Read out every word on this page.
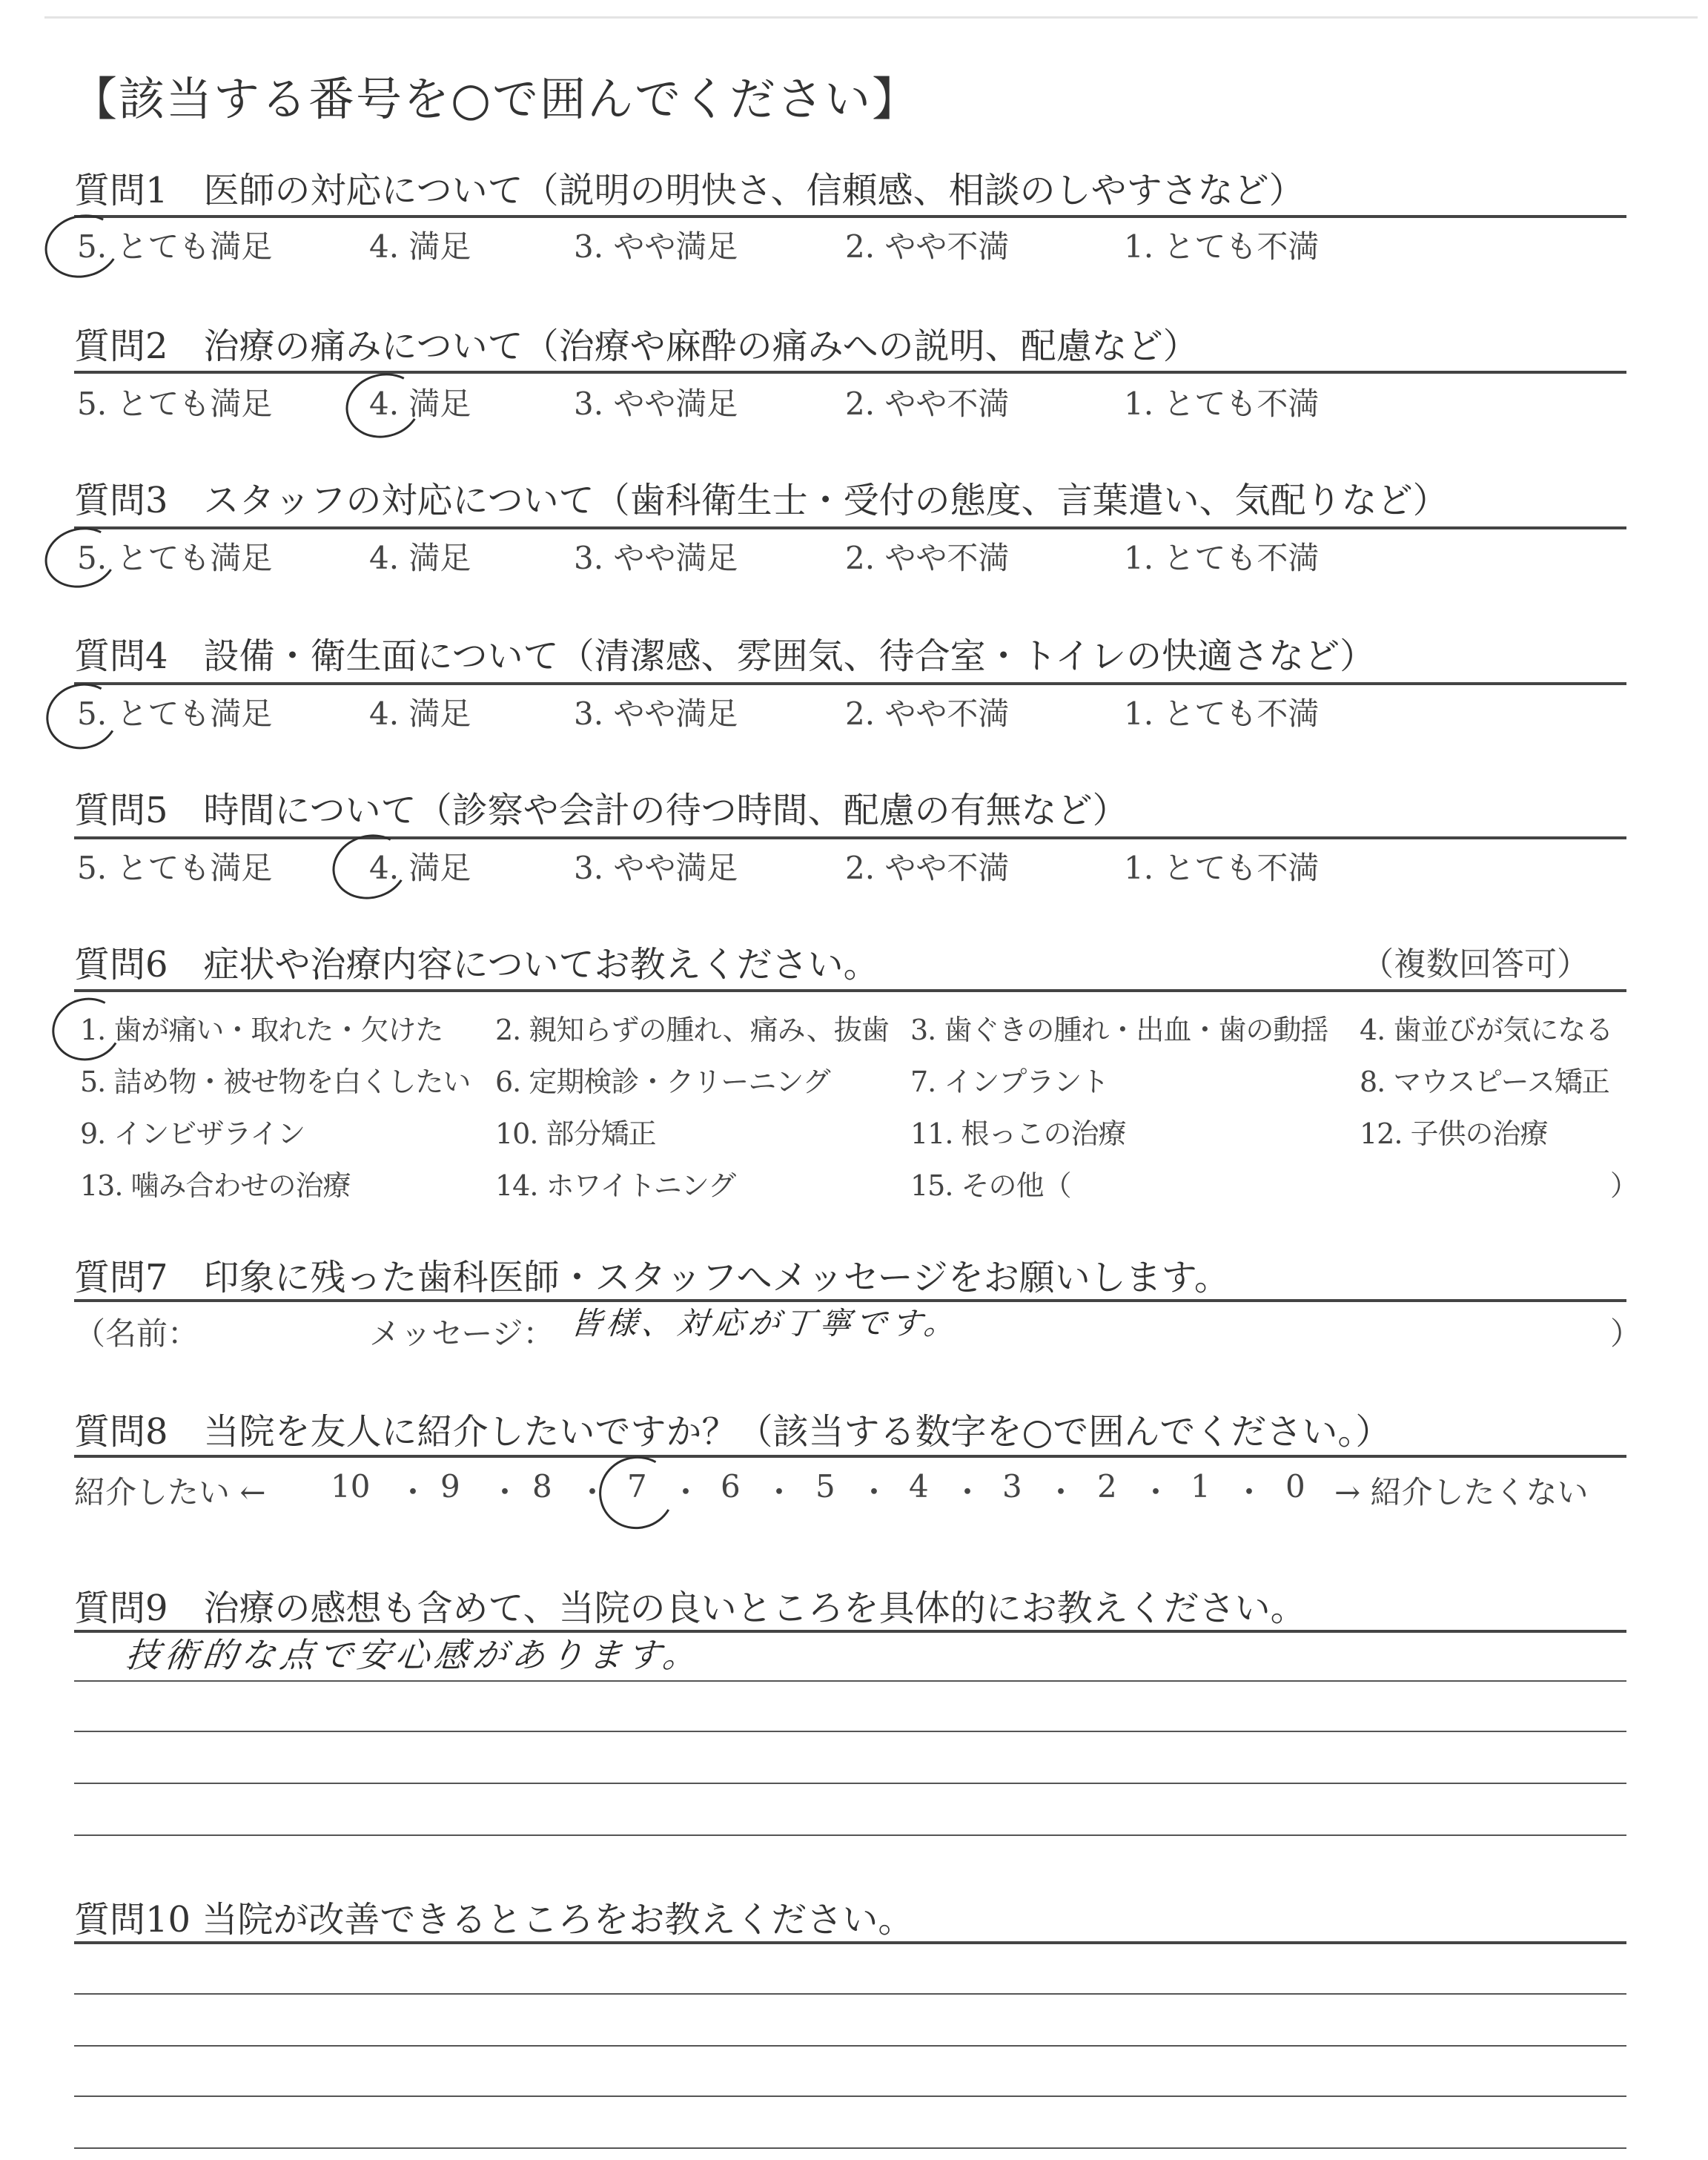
【該当する番号を○で囲んでください】
質問1　医師の対応について（説明の明快さ、信頼感、相談のしやすさなど）
5. とても満足	4. 満足	3. やや満足	2. やや不満	1. とても不満
質問2　治療の痛みについて（治療や麻酔の痛みへの説明、配慮など）
5. とても満足	4. 満足	3. やや満足	2. やや不満	1. とても不満
質問3　スタッフの対応について（歯科衛生士・受付の態度、言葉遣い、気配りなど）
5. とても満足	4. 満足	3. やや満足	2. やや不満	1. とても不満
質問4　設備・衛生面について（清潔感、雰囲気、待合室・トイレの快適さなど）
5. とても満足	4. 満足	3. やや満足	2. やや不満	1. とても不満
質問5　時間について（診察や会計の待つ時間、配慮の有無など）
5. とても満足	4. 満足	3. やや満足	2. やや不満	1. とても不満
質問6　症状や治療内容についてお教えください。	（複数回答可）
1. 歯が痛い・取れた・欠けた 2. 親知らずの腫れ、痛み、抜歯 3. 歯ぐきの腫れ・出血・歯の動揺 4. 歯並びが気になる
5. 詰め物・被せ物を白くしたい 6. 定期検診・クリーニング	7. インプラント	8. マウスピース矯正
9. インビザライン	10. 部分矯正	11. 根っこの治療	12. 子供の治療
13. 噛み合わせの治療	14. ホワイトニング	15. その他（	）
質問7　印象に残った歯科医師・スタッフへメッセージをお願いします。
（名前：	メッセージ： 皆様、対応が丁寧です。	）
質問8　当院を友人に紹介したいですか？（該当する数字を○で囲んでください。）
紹介したい ← 10 ・ 9 ・ 8 ・ 7 ・ 6 ・ 5 ・ 4 ・ 3 ・ 2 ・ 1 ・ 0 → 紹介したくない
質問9　治療の感想も含めて、当院の良いところを具体的にお教えください。
技術的な点で安心感があります。
質問10 当院が改善できるところをお教えください。
